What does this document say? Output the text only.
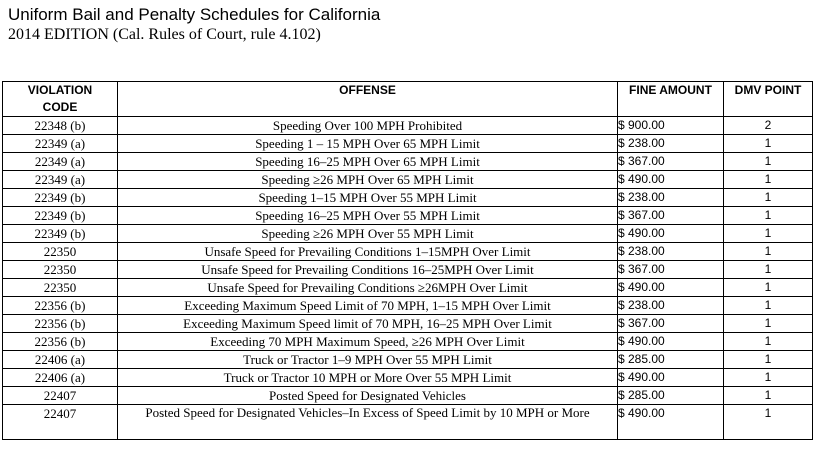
Uniform Bail and Penalty Schedules for California
2014 EDITION (Cal. Rules of Court, rule 4.102)
VIOLATION
CODE	OFFENSE	FINE AMOUNT	DMV POINT
22348 (b)	Speeding Over 100 MPH Prohibited	$ 900.00	2
22349 (a)	Speeding 1 – 15 MPH Over 65 MPH Limit	$ 238.00	1
22349 (a)	Speeding 16–25 MPH Over 65 MPH Limit	$ 367.00	1
22349 (a)	Speeding ≥26 MPH Over 65 MPH Limit	$ 490.00	1
22349 (b)	Speeding 1–15 MPH Over 55 MPH Limit	$ 238.00	1
22349 (b)	Speeding 16–25 MPH Over 55 MPH Limit	$ 367.00	1
22349 (b)	Speeding ≥26 MPH Over 55 MPH Limit	$ 490.00	1
22350	Unsafe Speed for Prevailing Conditions 1–15MPH Over Limit	$ 238.00	1
22350	Unsafe Speed for Prevailing Conditions 16–25MPH Over Limit	$ 367.00	1
22350	Unsafe Speed for Prevailing Conditions ≥26MPH Over Limit	$ 490.00	1
22356 (b)	Exceeding Maximum Speed Limit of 70 MPH, 1–15 MPH Over Limit	$ 238.00	1
22356 (b)	Exceeding Maximum Speed limit of 70 MPH, 16–25 MPH Over Limit	$ 367.00	1
22356 (b)	Exceeding 70 MPH Maximum Speed, ≥26 MPH Over Limit	$ 490.00	1
22406 (a)	Truck or Tractor 1–9 MPH Over 55 MPH Limit	$ 285.00	1
22406 (a)	Truck or Tractor 10 MPH or More Over 55 MPH Limit	$ 490.00	1
22407	Posted Speed for Designated Vehicles	$ 285.00	1
22407	Posted Speed for Designated Vehicles–In Excess of Speed Limit by 10 MPH or More	$ 490.00	1
